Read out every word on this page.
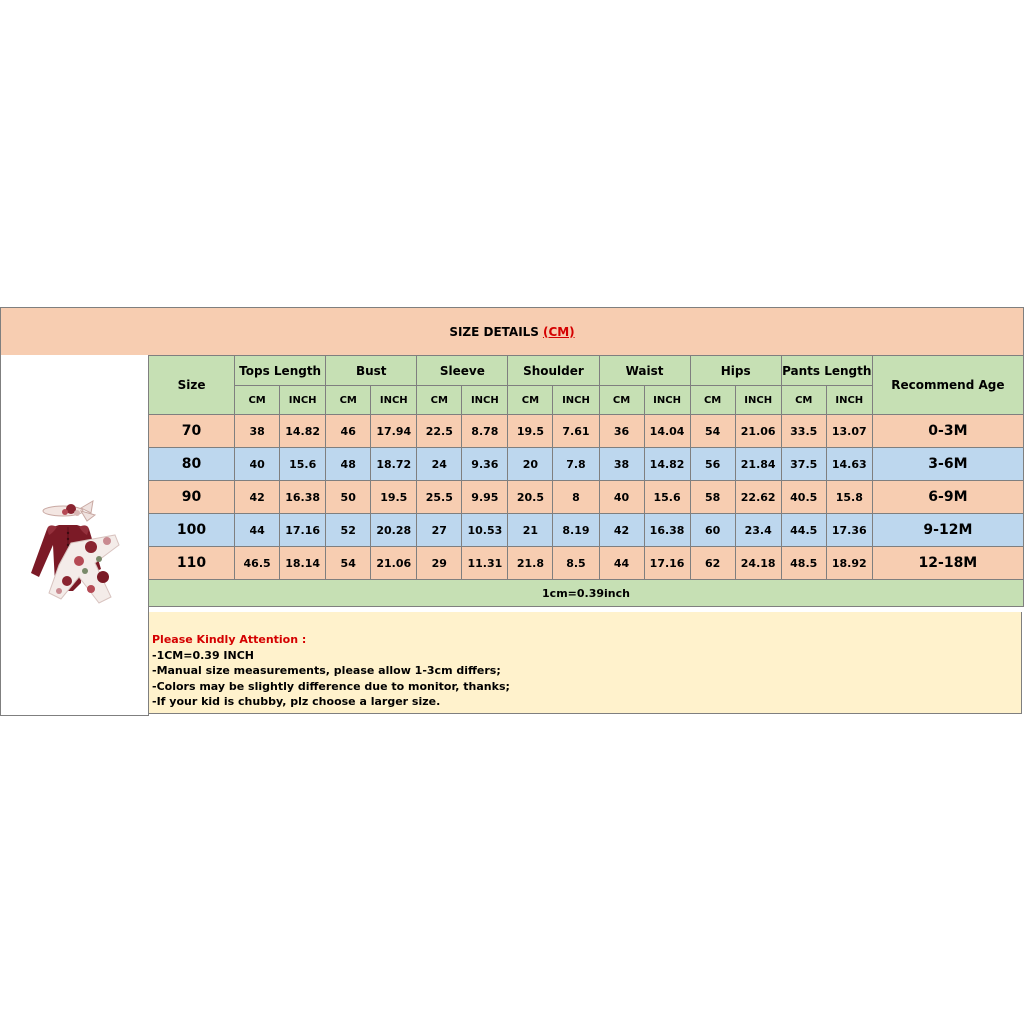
SIZE DETAILS (CM)
Size	Tops Length		Bust		Sleeve		Shoulder		Waist		Hips		Pants Length		Recommend Age
	CM	INCH	CM	INCH	CM	INCH	CM	INCH	CM	INCH	CM	INCH	CM	INCH	
70	38	14.82	46	17.94	22.5	8.78	19.5	7.61	36	14.04	54	21.06	33.5	13.07	0-3M
80	40	15.6	48	18.72	24	9.36	20	7.8	38	14.82	56	21.84	37.5	14.63	3-6M
90	42	16.38	50	19.5	25.5	9.95	20.5	8	40	15.6	58	22.62	40.5	15.8	6-9M
100	44	17.16	52	20.28	27	10.53	21	8.19	42	16.38	60	23.4	44.5	17.36	9-12M
110	46.5	18.14	54	21.06	29	11.31	21.8	8.5	44	17.16	62	24.18	48.5	18.92	12-18M
1cm=0.39inch															
Please Kindly Attention :
-1CM=0.39 INCH
-Manual size measurements, please allow 1-3cm differs;
-Colors may be slightly difference due to monitor, thanks;
-If your kid is chubby, plz choose a larger size.
